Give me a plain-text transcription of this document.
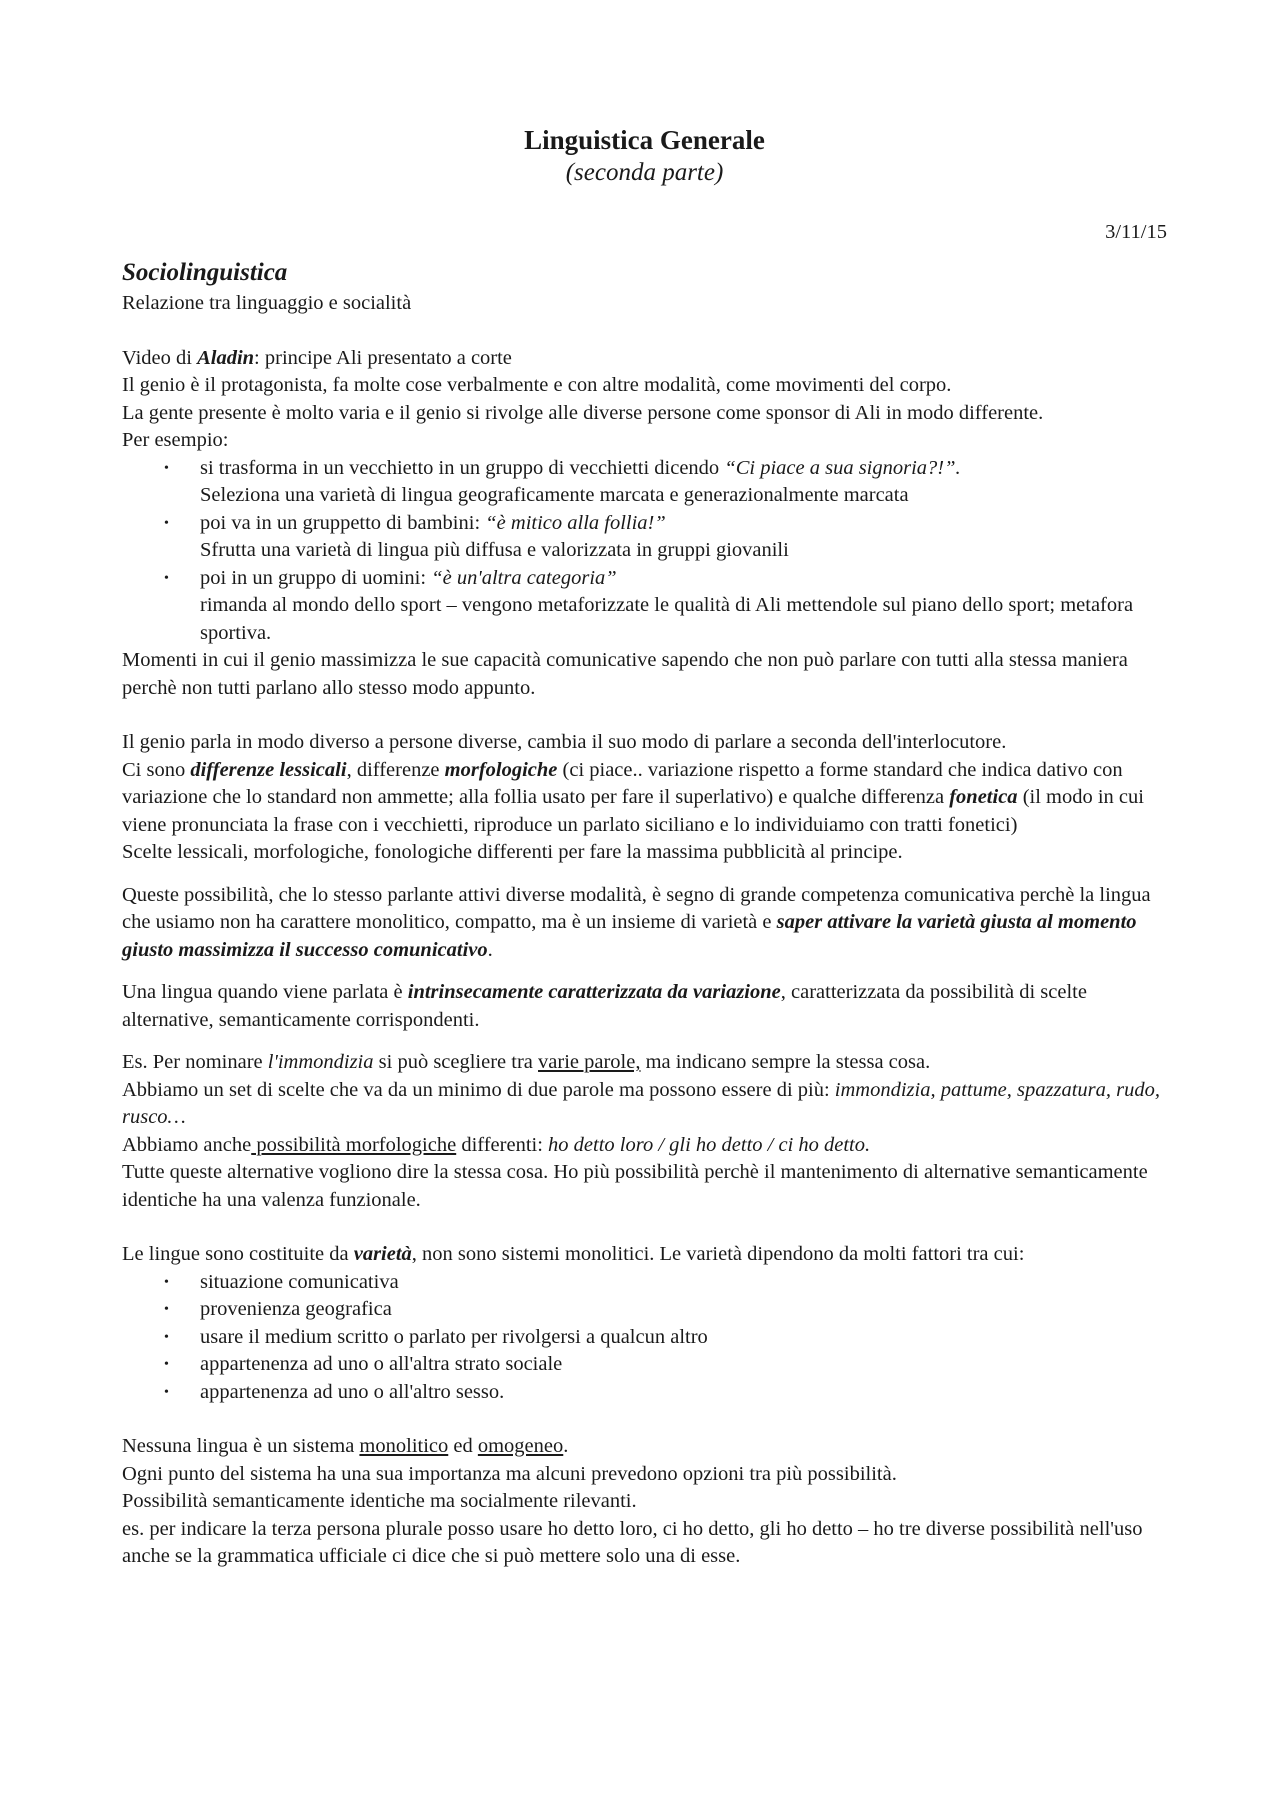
Linguistica Generale
(seconda parte)
3/11/15
Sociolinguistica

Relazione tra linguaggio e socialità

Video di Aladin: principe Ali presentato a corte

Il genio è il protagonista, fa molte cose verbalmente e con altre modalità, come movimenti del corpo.

La gente presente è molto varia e il genio si rivolge alle diverse persone come sponsor di Ali in modo differente.

Per esempio:

• si trasforma in un vecchietto in un gruppo di vecchietti dicendo “Ci piace a sua signoria?!”.
Seleziona una varietà di lingua geograficamente marcata e generazionalmente marcata
• poi va in un gruppetto di bambini: “è mitico alla follia!”
Sfrutta una varietà di lingua più diffusa e valorizzata in gruppi giovanili
• poi in un gruppo di uomini: “è un'altra categoria”
rimanda al mondo dello sport – vengono metaforizzate le qualità di Ali mettendole sul piano dello sport; metafora sportiva.

Momenti in cui il genio massimizza le sue capacità comunicative sapendo che non può parlare con tutti alla stessa maniera perchè non tutti parlano allo stesso modo appunto.

Il genio parla in modo diverso a persone diverse, cambia il suo modo di parlare a seconda dell'interlocutore.

Ci sono differenze lessicali, differenze morfologiche (ci piace.. variazione rispetto a forme standard che indica dativo con variazione che lo standard non ammette; alla follia usato per fare il superlativo) e qualche differenza fonetica (il modo in cui viene pronunciata la frase con i vecchietti, riproduce un parlato siciliano e lo individuiamo con tratti fonetici)

Scelte lessicali, morfologiche, fonologiche differenti per fare la massima pubblicità al principe.

Queste possibilità, che lo stesso parlante attivi diverse modalità, è segno di grande competenza comunicativa perchè la lingua che usiamo non ha carattere monolitico, compatto, ma è un insieme di varietà e saper attivare la varietà giusta al momento giusto massimizza il successo comunicativo.

Una lingua quando viene parlata è intrinsecamente caratterizzata da variazione, caratterizzata da possibilità di scelte alternative, semanticamente corrispondenti.

Es. Per nominare l'immondizia si può scegliere tra varie parole, ma indicano sempre la stessa cosa.

Abbiamo un set di scelte che va da un minimo di due parole ma possono essere di più: immondizia, pattume, spazzatura, rudo, rusco…

Abbiamo anche possibilità morfologiche differenti: ho detto loro / gli ho detto / ci ho detto.

Tutte queste alternative vogliono dire la stessa cosa. Ho più possibilità perchè il mantenimento di alternative semanticamente identiche ha una valenza funzionale.

Le lingue sono costituite da varietà, non sono sistemi monolitici. Le varietà dipendono da molti fattori tra cui:

• situazione comunicativa
• provenienza geografica
• usare il medium scritto o parlato per rivolgersi a qualcun altro
• appartenenza ad uno o all'altra strato sociale
• appartenenza ad uno o all'altro sesso.

Nessuna lingua è un sistema monolitico ed omogeneo.

Ogni punto del sistema ha una sua importanza ma alcuni prevedono opzioni tra più possibilità.

Possibilità semanticamente identiche ma socialmente rilevanti.

es. per indicare la terza persona plurale posso usare ho detto loro, ci ho detto, gli ho detto – ho tre diverse possibilità nell'uso anche se la grammatica ufficiale ci dice che si può mettere solo una di esse.
